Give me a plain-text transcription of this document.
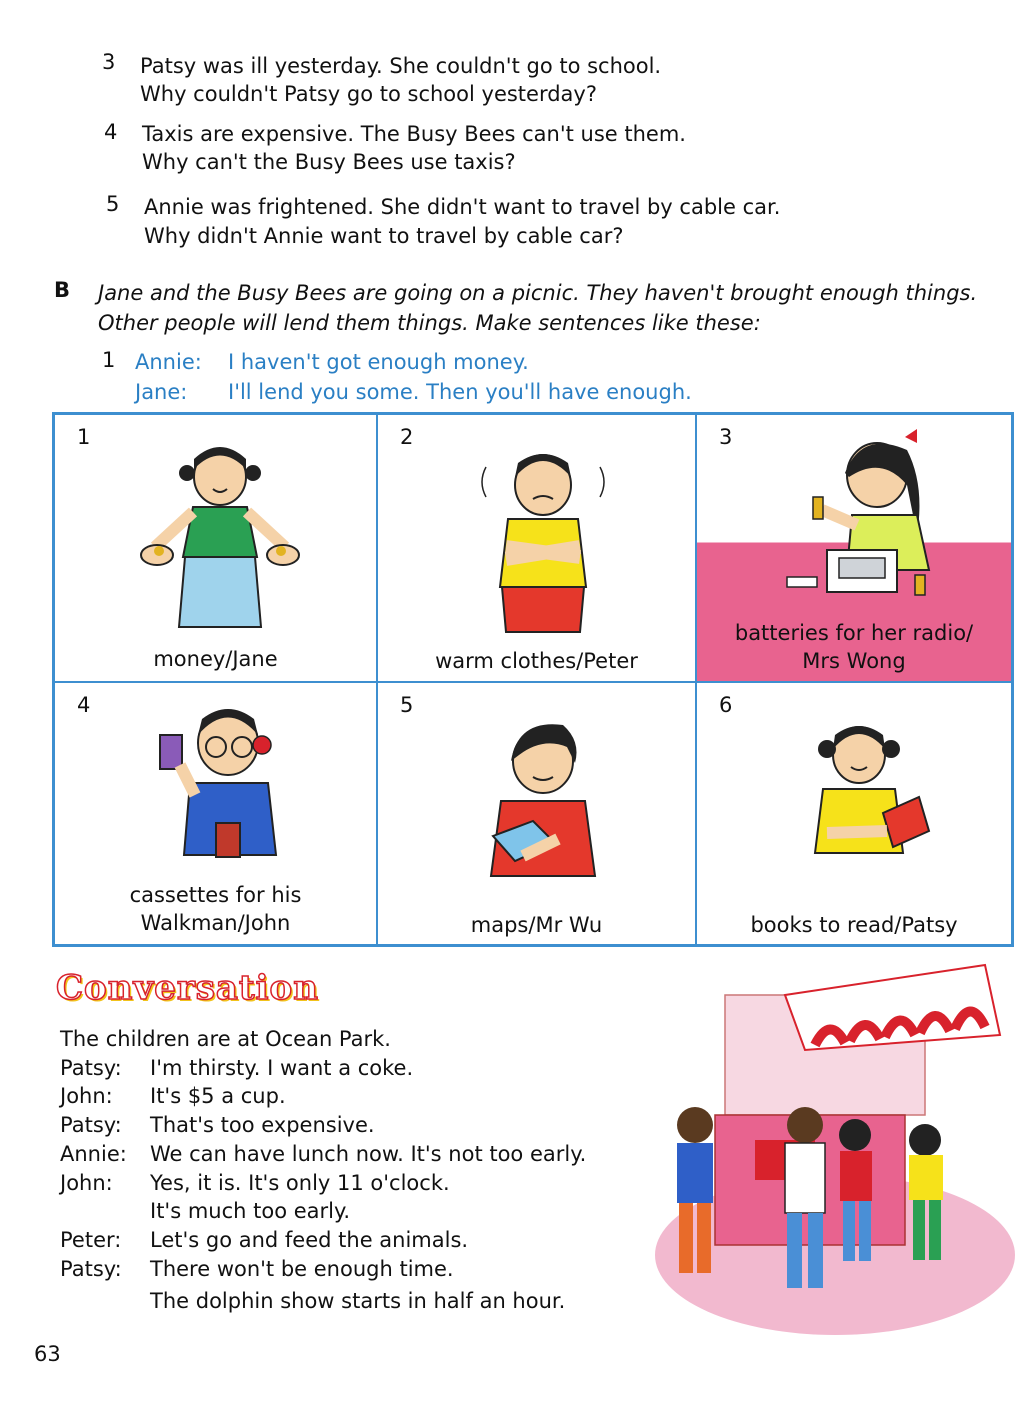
3 Patsy was ill yesterday. She couldn't go to school.
Why couldn't Patsy go to school yesterday?
4 Taxis are expensive. The Busy Bees can't use them.
Why can't the Busy Bees use taxis?
5 Annie was frightened. She didn't want to travel by cable car.
Why didn't Annie want to travel by cable car?
B Jane and the Busy Bees are going on a picnic. They haven't brought enough things. Other people will lend them things. Make sentences like these:
1 Annie: I haven't got enough money.
Jane: I'll lend you some. Then you'll have enough.
1
money/Jane
2
warm clothes/Peter
3
batteries for her radio/
Mrs Wong
4
cassettes for his
Walkman/John
5
maps/Mr Wu
6
books to read/Patsy
Conversation
The children are at Ocean Park.
Patsy: I'm thirsty. I want a coke.
John: It's $5 a cup.
Patsy: That's too expensive.
Annie: We can have lunch now. It's not too early.
John: Yes, it is. It's only 11 o'clock.
It's much too early.
Peter: Let's go and feed the animals.
Patsy: There won't be enough time.
The dolphin show starts in half an hour.
63
